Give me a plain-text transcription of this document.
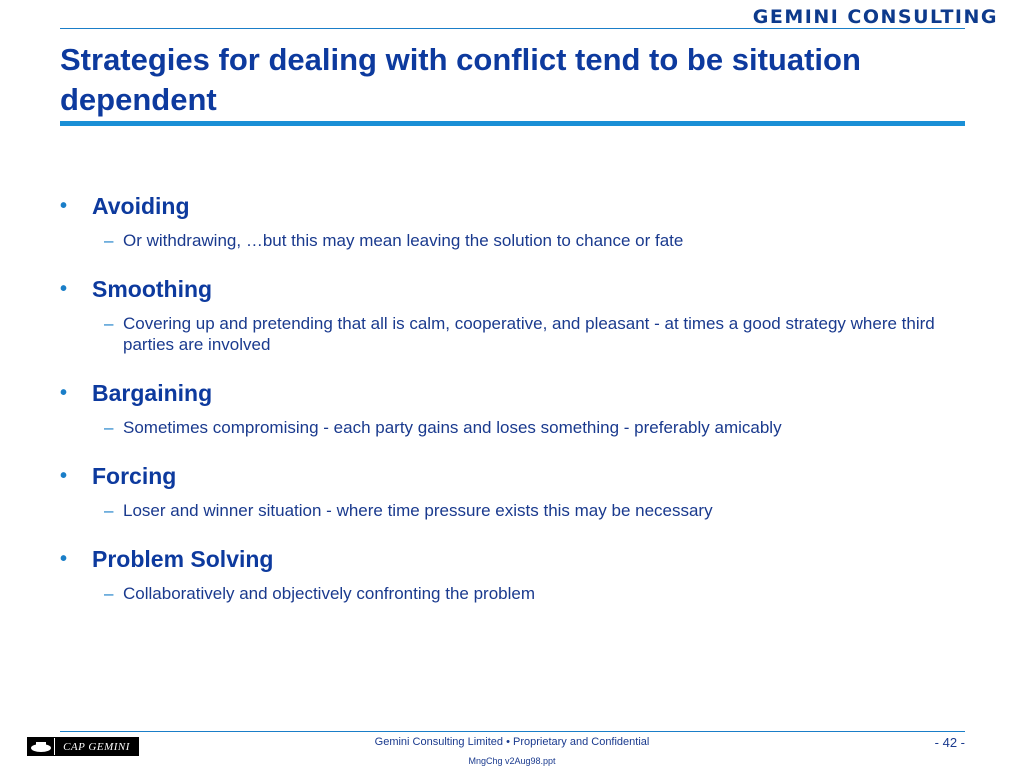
GEMINI CONSULTING
Strategies for dealing with conflict tend to be situation dependent
• Avoiding
– Or withdrawing, …but this may mean leaving the solution to chance or fate
• Smoothing
– Covering up and pretending that all is calm, cooperative, and pleasant - at times a good strategy where third parties are involved
• Bargaining
– Sometimes compromising - each party gains and loses something - preferably amicably
• Forcing
– Loser and winner situation - where time pressure exists this may be necessary
• Problem Solving
– Collaboratively and objectively confronting the problem
CAP GEMINI	Gemini Consulting Limited • Proprietary and Confidential
MngChg v2Aug98.ppt
- 42 -
